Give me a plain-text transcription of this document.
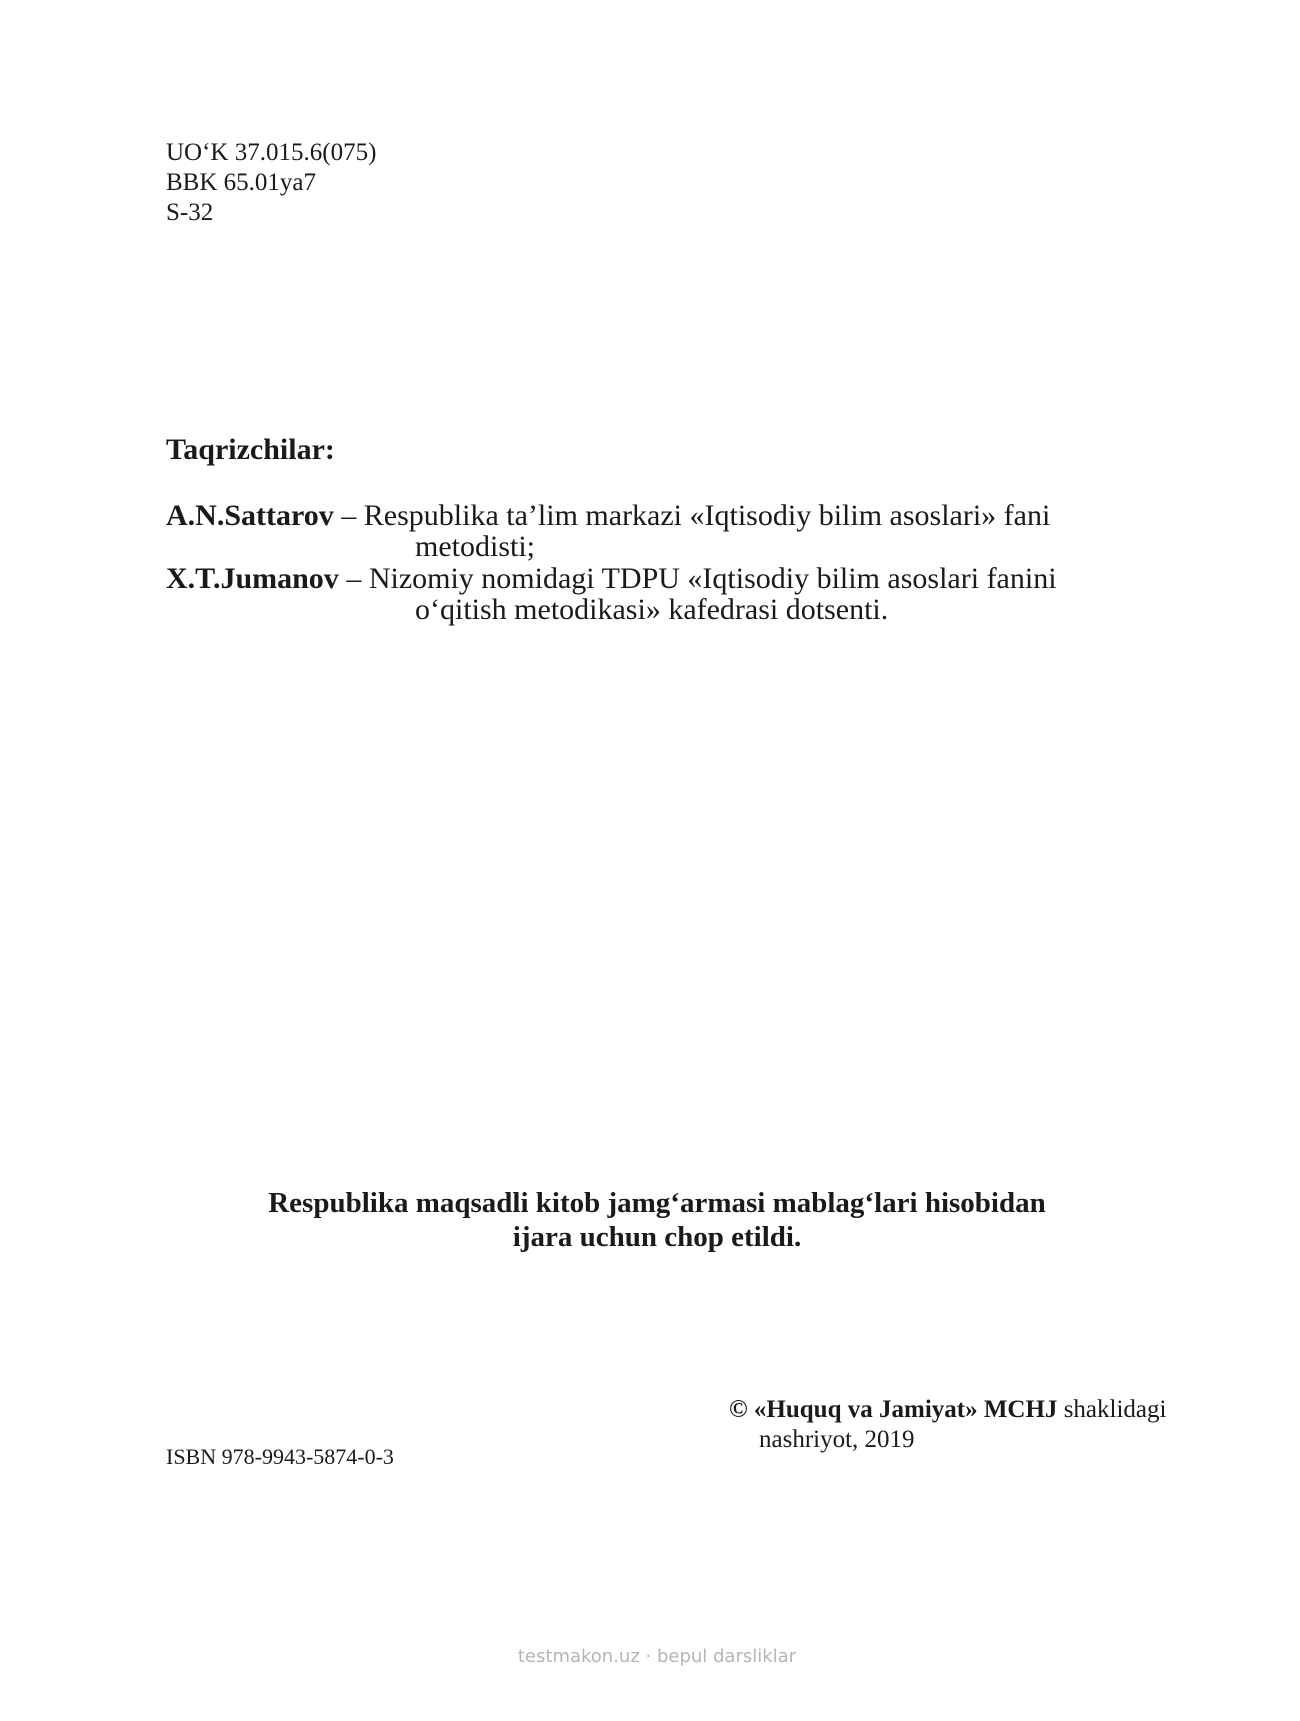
UO‘K 37.015.6(075)
BBK 65.01ya7
S-32
Taqrizchilar:
A.N.Sattarov – Respublika ta’lim markazi «Iqtisodiy bilim asoslari» fani
metodisti;
X.T.Jumanov – Nizomiy nomidagi TDPU «Iqtisodiy bilim asoslari fanini
o‘qitish metodikasi» kafedrasi dotsenti.
Respublika maqsadli kitob jamg‘armasi mablag‘lari hisobidan
ijara uchun chop etildi.
© «Huquq va Jamiyat» MCHJ shaklidagi
nashriyot, 2019
ISBN 978-9943-5874-0-3
testmakon.uz · bepul darsliklar
